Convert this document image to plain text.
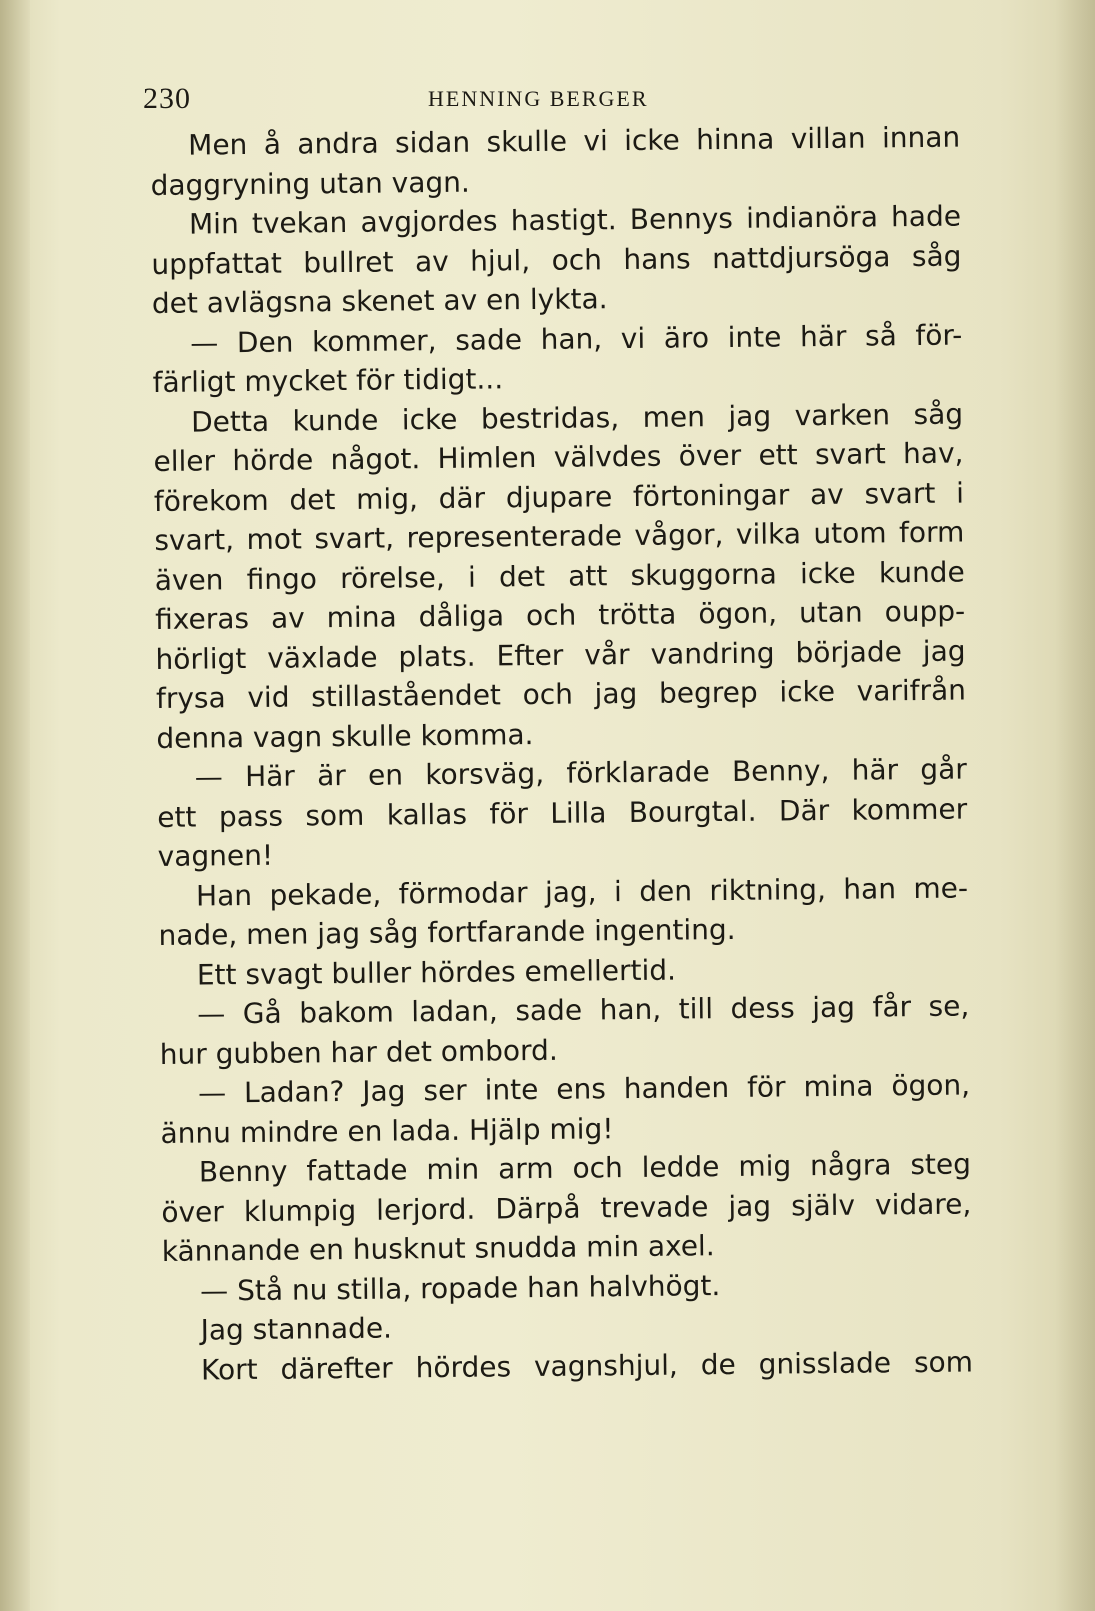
230	HENNING BERGER
Men å andra sidan skulle vi icke hinna villan innan
daggryning utan vagn.
Min tvekan avgjordes hastigt. Bennys indianöra hade
uppfattat bullret av hjul, och hans nattdjursöga såg
det avlägsna skenet av en lykta.
— Den kommer, sade han, vi äro inte här så för-
färligt mycket för tidigt...
Detta kunde icke bestridas, men jag varken såg
eller hörde något. Himlen välvdes över ett svart hav,
förekom det mig, där djupare förtoningar av svart i
svart, mot svart, representerade vågor, vilka utom form
även fingo rörelse, i det att skuggorna icke kunde
fixeras av mina dåliga och trötta ögon, utan oupp-
hörligt växlade plats. Efter vår vandring började jag
frysa vid stillaståendet och jag begrep icke varifrån
denna vagn skulle komma.
— Här är en korsväg, förklarade Benny, här går
ett pass som kallas för Lilla Bourgtal. Där kommer
vagnen!
Han pekade, förmodar jag, i den riktning, han me-
nade, men jag såg fortfarande ingenting.
Ett svagt buller hördes emellertid.
— Gå bakom ladan, sade han, till dess jag får se,
hur gubben har det ombord.
— Ladan? Jag ser inte ens handen för mina ögon,
ännu mindre en lada. Hjälp mig!
Benny fattade min arm och ledde mig några steg
över klumpig lerjord. Därpå trevade jag själv vidare,
kännande en husknut snudda min axel.
— Stå nu stilla, ropade han halvhögt.
Jag stannade.
Kort därefter hördes vagnshjul, de gnisslade som
